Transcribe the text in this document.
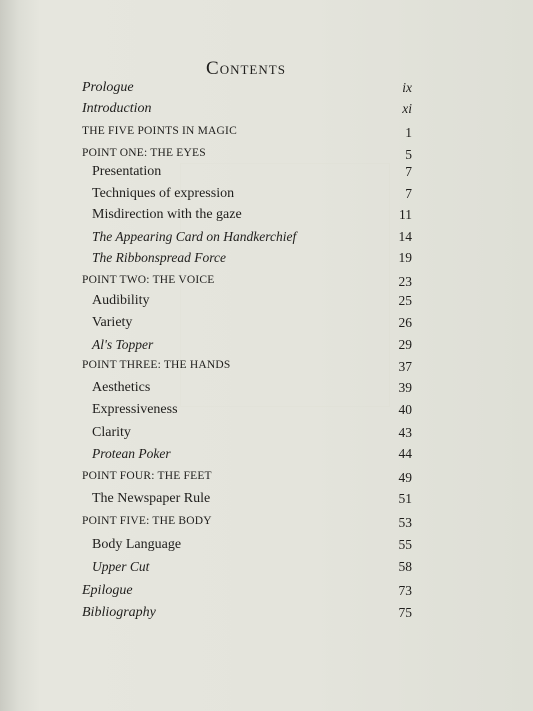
Contents
Prologue	ix
Introduction	xi
THE FIVE POINTS IN MAGIC	1
POINT ONE: THE EYES	5
Presentation	7
Techniques of expression	7
Misdirection with the gaze	11
The Appearing Card on Handkerchief	14
The Ribbonspread Force	19
POINT TWO: THE VOICE	23
Audibility	25
Variety	26
Al's Topper	29
POINT THREE: THE HANDS	37
Aesthetics	39
Expressiveness	40
Clarity	43
Protean Poker	44
POINT FOUR: THE FEET	49
The Newspaper Rule	51
POINT FIVE: THE BODY	53
Body Language	55
Upper Cut	58
Epilogue	73
Bibliography	75
